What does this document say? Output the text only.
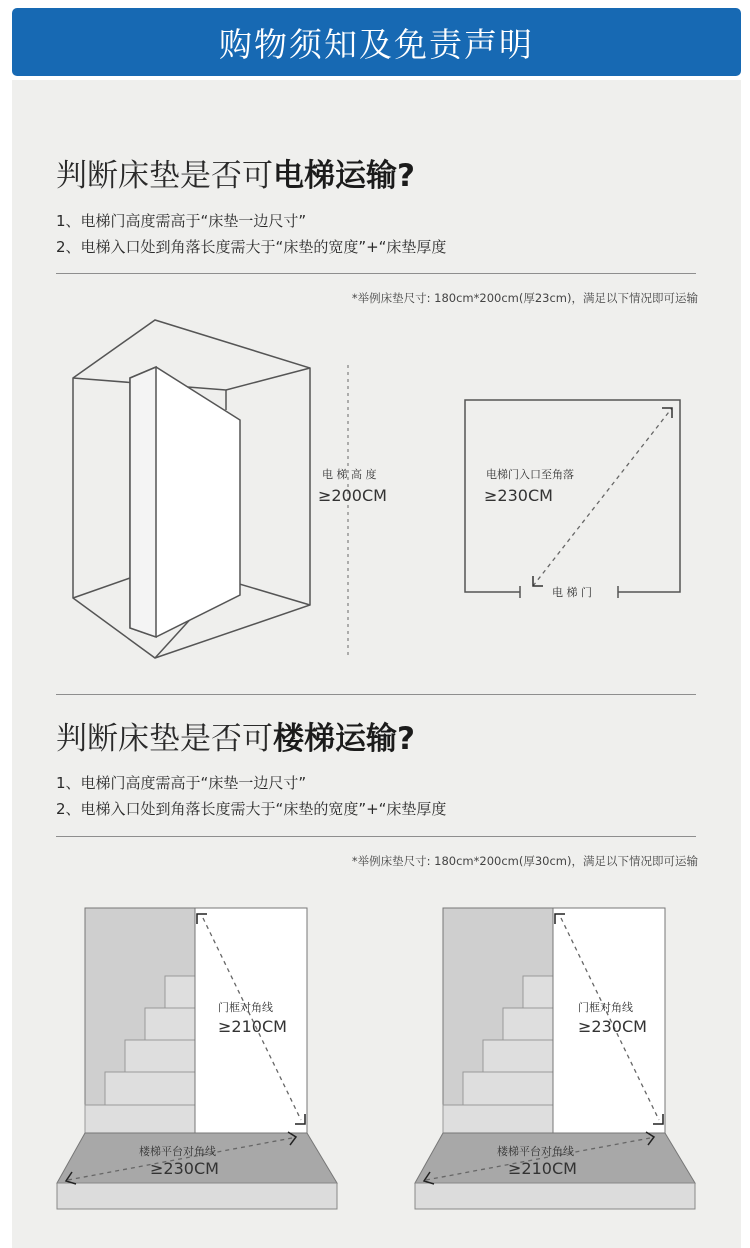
购物须知及免责声明
判断床垫是否可电梯运输?
1、电梯门高度需高于“床垫一边尺寸”
2、电梯入口处到角落长度需大于“床垫的宽度”+“床垫厚度
*举例床垫尺寸: 180cm*200cm(厚23cm)，满足以下情况即可运输
判断床垫是否可楼梯运输?
1、电梯门高度需高于“床垫一边尺寸”
2、电梯入口处到角落长度需大于“床垫的宽度”+“床垫厚度
*举例床垫尺寸: 180cm*200cm(厚30cm)，满足以下情况即可运输
电 梯 高 度
≥200CM
电梯门入口至角落
≥230CM
电 梯 门
门框对角线
≥210CM
楼梯平台对角线
≥230CM
门框对角线
≥230CM
楼梯平台对角线
≥210CM
